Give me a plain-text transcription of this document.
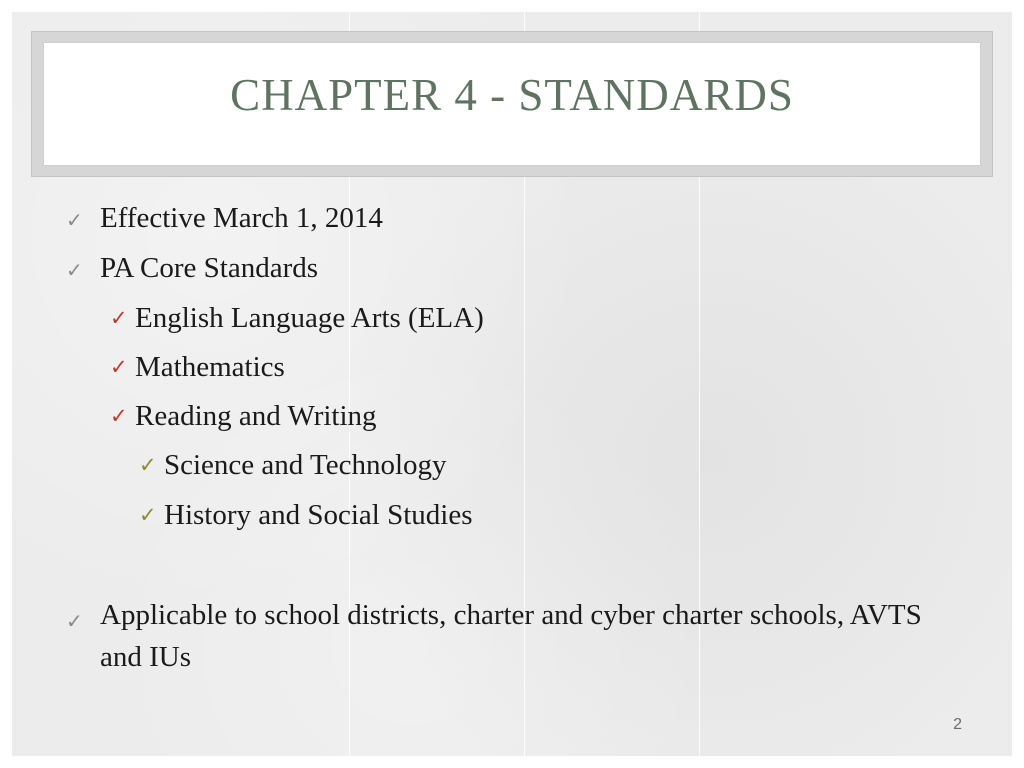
CHAPTER 4 - STANDARDS
✓ Effective March 1, 2014
✓ PA Core Standards
✓ English Language Arts (ELA)
✓ Mathematics
✓ Reading and Writing
✓ Science and Technology
✓ History and Social Studies
✓ Applicable to school districts, charter and cyber charter schools, AVTS and IUs
2
